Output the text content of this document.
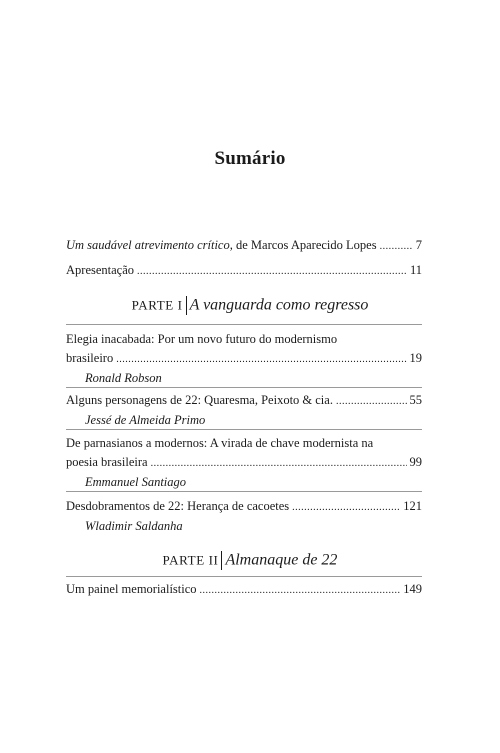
Sumário
Um saudável atrevimento crítico, de Marcos Aparecido Lopes .....	7
Apresentação .....	11
PARTE I A vanguarda como regresso
Elegia inacabada: Por um novo futuro do modernismo
brasileiro .....	19
Ronald Robson
Alguns personagens de 22: Quaresma, Peixoto & cia. .....	55
Jessé de Almeida Primo
De parnasianos a modernos: A virada de chave modernista na
poesia brasileira .....	99
Emmanuel Santiago
Desdobramentos de 22: Herança de cacoetes .....	121
Wladimir Saldanha
PARTE II Almanaque de 22
Um painel memorialístico .....	149
